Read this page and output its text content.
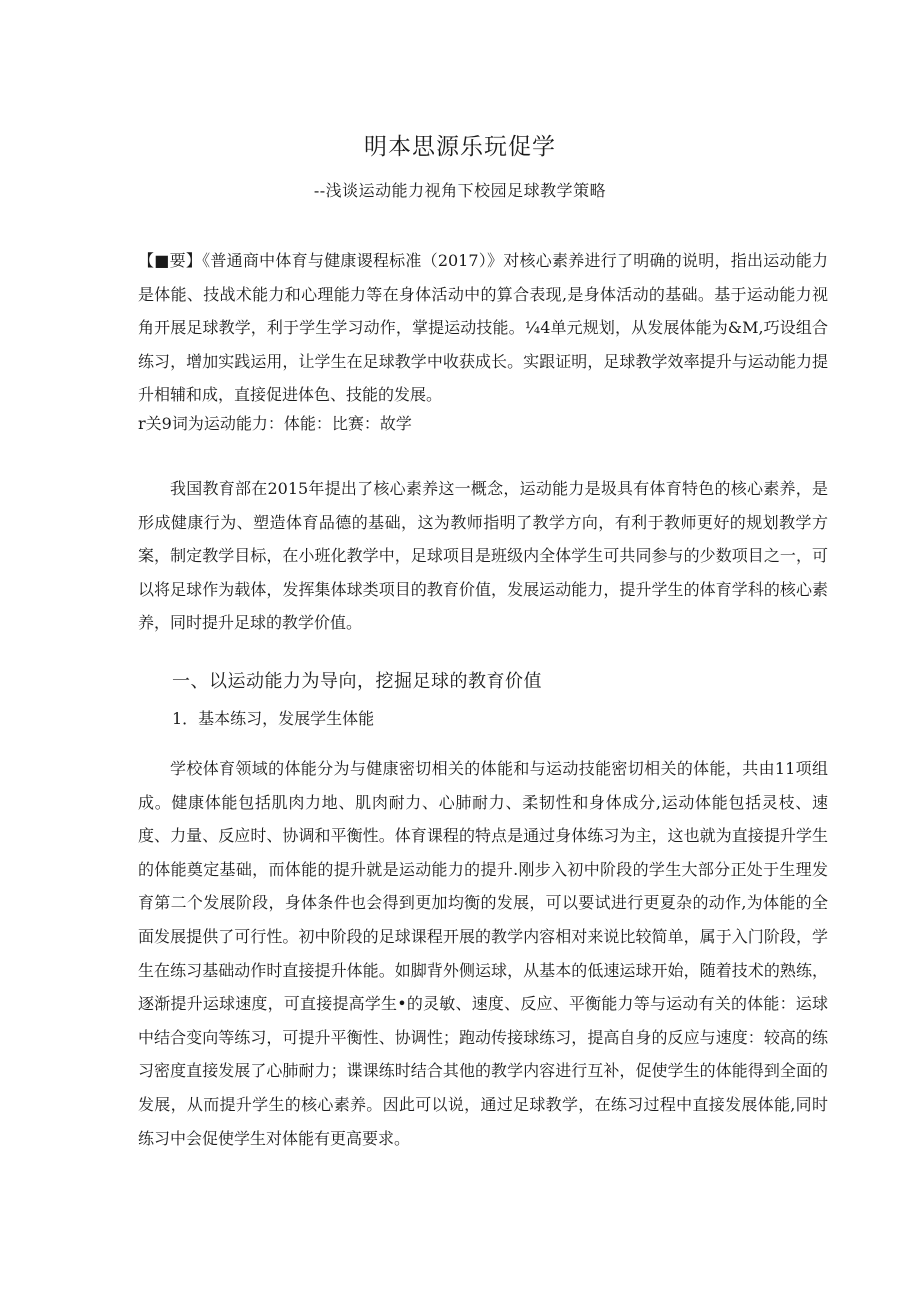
明本思源乐玩促学

--浅谈运动能力视角下校园足球教学策略

【■要】《普通商中体育与健康谡程标准（2017）》对核心素养进行了明确的说明，指出运动能力是体能、技战术能力和心理能力等在身体活动中的算合表现,是身体活动的基础。基于运动能力视角开展足球教学，利于学生学习动作，掌提运动技能。¼4单元规划，从发展体能为&M,巧设组合练习，增加实践运用，让学生在足球教学中收获成长。实跟证明，足球教学效率提升与运动能力提升相辅和成，直接促进体色、技能的发展。

r关9词为运动能力：体能：比赛：故学

我国教育部在2015年提出了核心素养这一概念，运动能力是圾具有体育特色的核心素养，是形成健康行为、塑造体育品德的基础，这为教师指明了教学方向，有利于教师更好的规划教学方案，制定教学目标，在小班化教学中，足球项目是班级内全体学生可共同参与的少数项目之一，可以将足球作为载体，发挥集体球类项目的教育价值，发展运动能力，提升学生的体育学科的核心素养，同时提升足球的教学价值。

一、以运动能力为导向，挖掘足球的教育价值

1．基本练习，发展学生体能

学校体育领域的体能分为与健康密切相关的体能和与运动技能密切相关的体能，共由11项组成。健康体能包括肌肉力地、肌肉耐力、心肺耐力、柔韧性和身体成分,运动体能包括灵枝、速度、力量、反应时、协调和平衡性。体育课程的特点是通过身体练习为主，这也就为直接提升学生的体能奠定基础，而体能的提升就是运动能力的提升.刚步入初中阶段的学生大部分正处于生理发育第二个发展阶段，身体条件也会得到更加均衡的发展，可以要试进行更夏杂的动作,为体能的全面发展提供了可行性。初中阶段的足球课程开展的教学内容相对来说比较简单，属于入门阶段，学生在练习基础动作时直接提升体能。如脚背外侧运球，从基本的低速运球开始，随着技术的熟练，逐渐提升运球速度，可直接提高学生•的灵敏、速度、反应、平衡能力等与运动有关的体能：运球中结合变向等练习，可提升平衡性、协调性；跑动传接球练习，提高自身的反应与速度：较高的练习密度直接发展了心肺耐力；谍课练时结合其他的教学内容进行互补，促使学生的体能得到全面的发展，从而提升学生的核心素养。因此可以说，通过足球教学，在练习过程中直接发展体能,同时练习中会促使学生对体能有更高要求。
